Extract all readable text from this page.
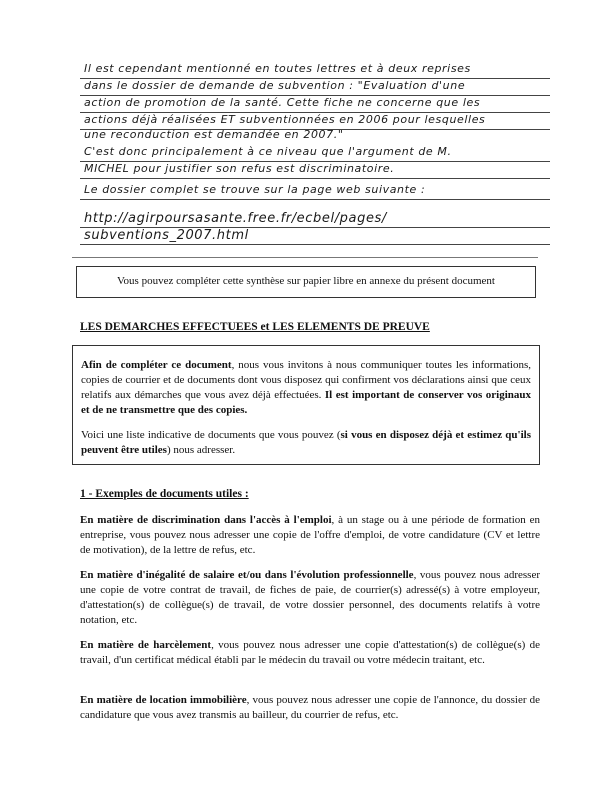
Il est cependant mentionné en toutes lettres et à deux reprises
dans le dossier de demande de subvention : "Evaluation d'une
action de promotion de la santé. Cette fiche ne concerne que les
actions déjà réalisées ET subventionnées en 2006 pour lesquelles
une reconduction est demandée en 2007."
C'est donc principalement à ce niveau que l'argument de M.
MICHEL pour justifier son refus est discriminatoire.
Le dossier complet se trouve sur la page web suivante :
http://agirpoursasante.free.fr/ecbel/pages/
subventions_2007.html
Vous pouvez compléter cette synthèse sur papier libre en annexe du présent document
LES DEMARCHES EFFECTUEES et LES ELEMENTS DE PREUVE
Afin de compléter ce document, nous vous invitons à nous communiquer toutes les informations, copies de courrier et de documents dont vous disposez qui confirment vos déclarations ainsi que ceux relatifs aux démarches que vous avez déjà effectuées. Il est important de conserver vos originaux et de ne transmettre que des copies.
Voici une liste indicative de documents que vous pouvez (si vous en disposez déjà et estimez qu'ils peuvent être utiles) nous adresser.
1 - Exemples de documents utiles :
En matière de discrimination dans l'accès à l'emploi, à un stage ou à une période de formation en entreprise, vous pouvez nous adresser une copie de l'offre d'emploi, de votre candidature (CV et lettre de motivation), de la lettre de refus, etc.
En matière d'inégalité de salaire et/ou dans l'évolution professionnelle, vous pouvez nous adresser une copie de votre contrat de travail, de fiches de paie, de courrier(s) adressé(s) à votre employeur, d'attestation(s) de collègue(s) de travail, de votre dossier personnel, des documents relatifs à votre notation, etc.
En matière de harcèlement, vous pouvez nous adresser une copie d'attestation(s) de collègue(s) de travail, d'un certificat médical établi par le médecin du travail ou votre médecin traitant, etc.
En matière de location immobilière, vous pouvez nous adresser une copie de l'annonce, du dossier de candidature que vous avez transmis au bailleur, du courrier de refus, etc.
